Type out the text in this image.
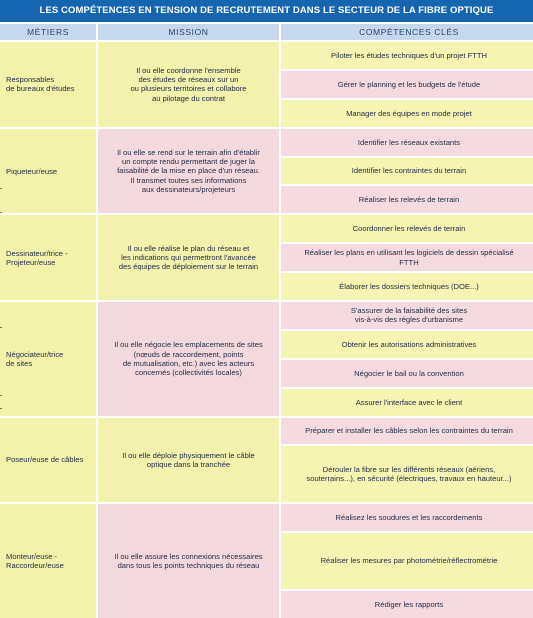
LES COMPÉTENCES EN TENSION DE RECRUTEMENT DANS LE SECTEUR DE LA FIBRE OPTIQUE
MÉTIERS	MISSION	COMPÉTENCES CLÉS
Responsables
de bureaux d'études
Il ou elle coordonne l'ensemble
des études de réseaux sur un
ou plusieurs territoires et collabore
au pilotage du contrat
Piloter les études techniques d'un projet FTTH
Gérer le planning et les budgets de l'étude
Manager des équipes en mode projet
Piqueteur/euse
Il ou elle se rend sur le terrain afin d'établir
un compte rendu permettant de juger la
faisabilité de la mise en place d'un réseau.
Il transmet toutes ses informations
aux dessinateurs/projeteurs
Identifier les réseaux existants
Identifier les contraintes du terrain
Réaliser les relevés de terrain
Dessinateur/trice -
Projeteur/euse
Il ou elle réalise le plan du réseau et
les indications qui permettront l'avancée
des équipes de déploiement sur le terrain
Coordonner les relevés de terrain
Réaliser les plans en utilisant les logiciels de dessin spécialisé
FTTH
Élaborer les dossiers techniques (DOE...)
Négociateur/trice
de sites
Il ou elle négocie les emplacements de sites
(nœuds de raccordement, points
de mutualisation, etc.) avec les acteurs
concernés (collectivités locales)
S'assurer de la faisabilité des sites
vis-à-vis des règles d'urbanisme
Obtenir les autorisations administratives
Négocier le bail ou la convention
Assurer l'interface avec le client
Poseur/euse de câbles
Il ou elle déploie physiquement le câble
optique dans la tranchée
Préparer et installer les câbles selon les contraintes du terrain
Dérouler la fibre sur les différents réseaux (aériens,
souterrains...), en sécurité (électriques, travaux en hauteur...)
Monteur/euse -
Raccordeur/euse
Il ou elle assure les connexions nécessaires
dans tous les points techniques du réseau
Réalisez les soudures et les raccordements
Réaliser les mesures par photométrie/réflectrométrie
Rédiger les rapports
